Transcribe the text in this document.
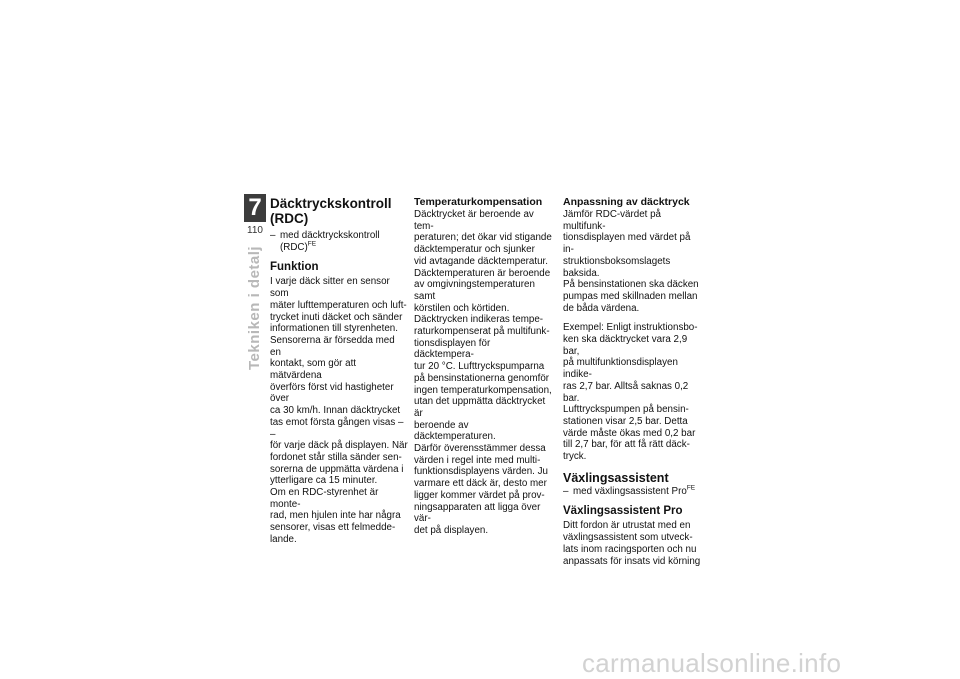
7
110
Tekniken i detalj
Däcktryckskontroll (RDC)
– med däcktryckskontroll
(RDC)$^{FE}$
Funktion

I varje däck sitter en sensor som
mäter lufttemperaturen och luft-
trycket inuti däcket och sänder
informationen till styrenheten.
Sensorerna är försedda med en
kontakt, som gör att mätvärdena
överförs först vid hastigheter över
ca 30 km/h. Innan däcktrycket
tas emot första gången visas – –
för varje däck på displayen. När
fordonet står stilla sänder sen-
sorerna de uppmätta värdena i
ytterligare ca 15 minuter.
Om en RDC-styrenhet är monte-
rad, men hjulen inte har några
sensorer, visas ett felmedde-
lande.

Temperaturkompensation

Däcktrycket är beroende av tem-
peraturen; det ökar vid stigande
däcktemperatur och sjunker
vid avtagande däcktemperatur.
Däcktemperaturen är beroende
av omgivningstemperaturen samt
körstilen och körtiden.
Däcktrycken indikeras tempe-
raturkompenserat på multifunk-
tionsdisplayen för däcktempera-
tur 20 °C. Lufttryckspumparna
på bensinstationerna genomför
ingen temperaturkompensation,
utan det uppmätta däcktrycket är
beroende av däcktemperaturen.
Därför överensstämmer dessa
värden i regel inte med multi-
funktionsdisplayens värden. Ju
varmare ett däck är, desto mer
ligger kommer värdet på prov-
ningsapparaten att ligga över vär-
det på displayen.

Anpassning av däcktryck

Jämför RDC-värdet på multifunk-
tionsdisplayen med värdet på in-
struktionsboksomslagets baksida.
På bensinstationen ska däcken
pumpas med skillnaden mellan
de båda värdena.

Exempel: Enligt instruktionsbo-
ken ska däcktrycket vara 2,9 bar,
på multifunktionsdisplayen indike-
ras 2,7 bar. Alltså saknas 0,2 bar.
Lufttryckspumpen på bensin-
stationen visar 2,5 bar. Detta
värde måste ökas med 0,2 bar
till 2,7 bar, för att få rätt däck-
tryck.

Växlingsassistent
– med växlingsassistent Pro$^{FE}$
Växlingsassistent Pro

Ditt fordon är utrustat med en
växlingsassistent som utveck-
lats inom racingsporten och nu
anpassats för insats vid körning

carmanualsonline.info
